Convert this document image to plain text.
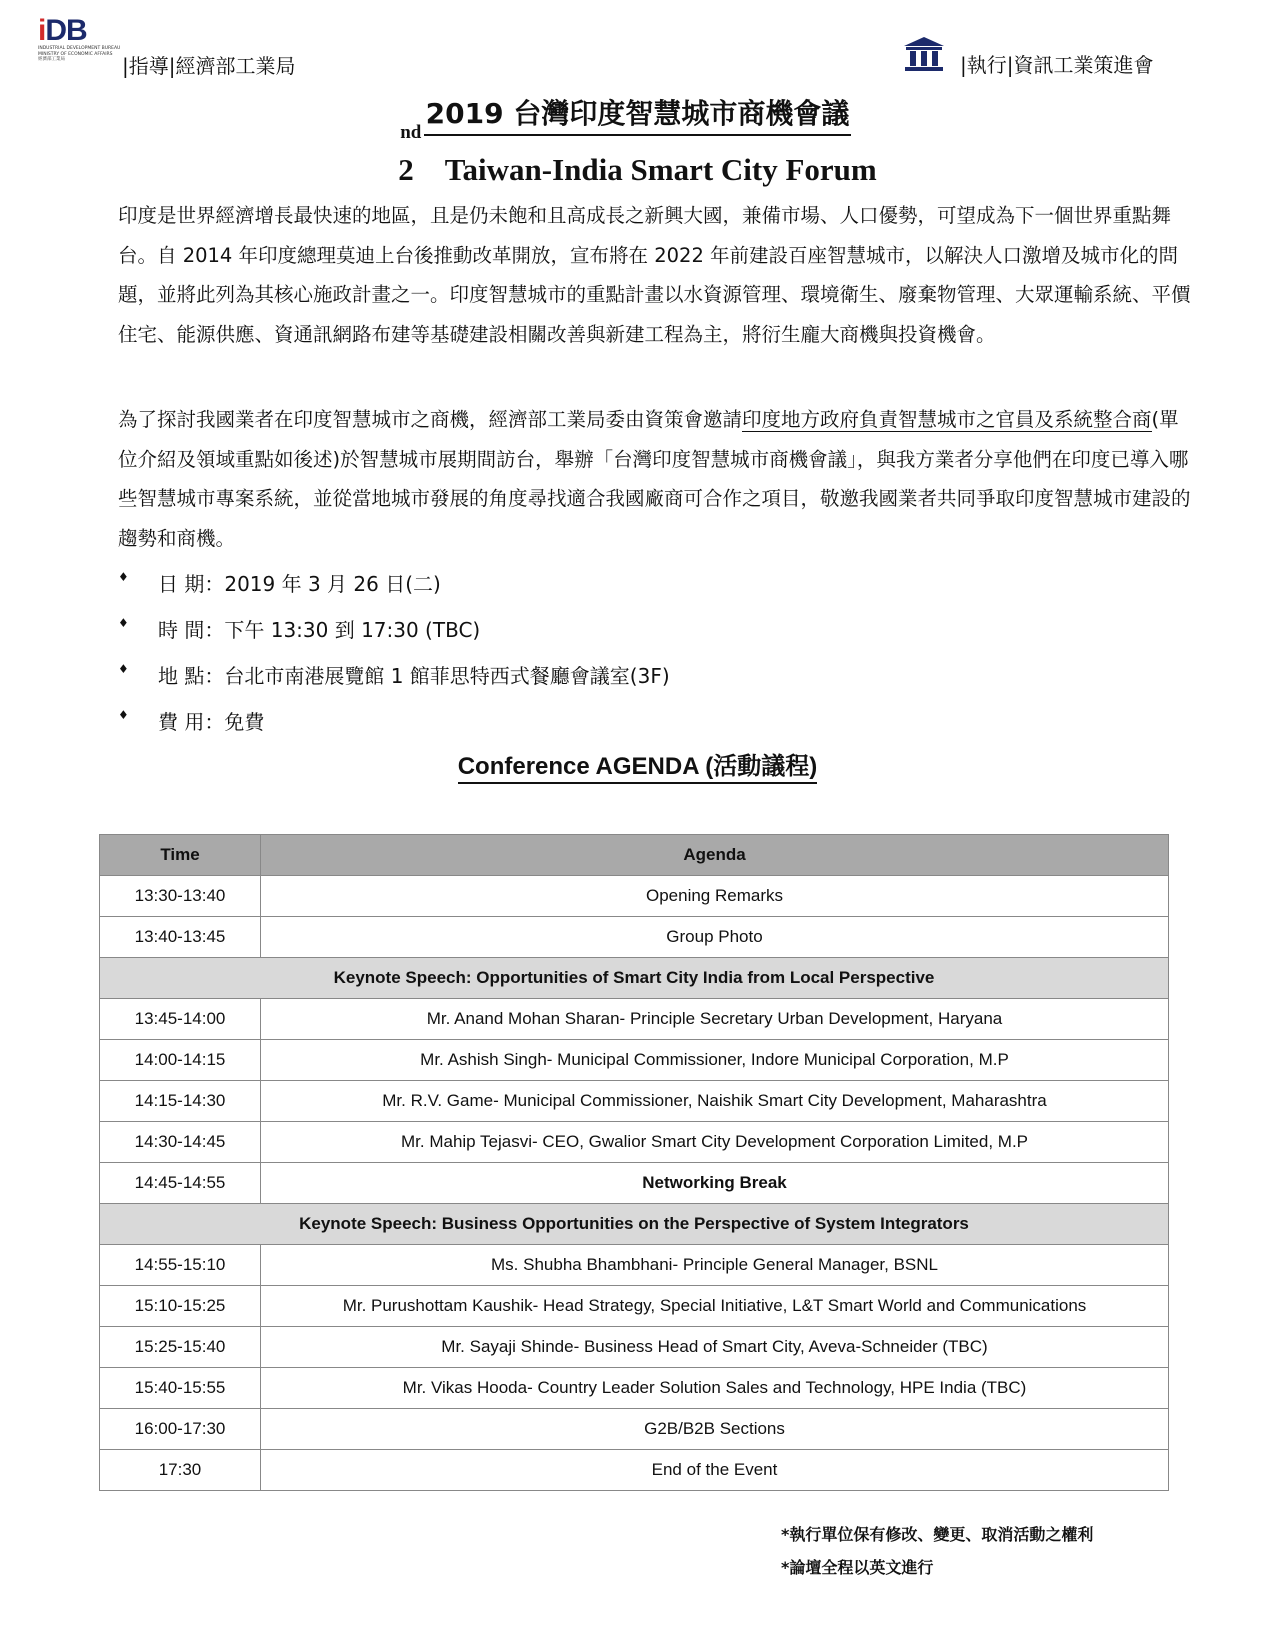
iDB
INDUSTRIAL DEVELOPMENT BUREAU
MINISTRY OF ECONOMIC AFFAIRS
經濟部工業局	|指導|經濟部工業局	|執行|資訊工業策進會
2019 台灣印度智慧城市商機會議
2
nd
Taiwan-India Smart City Forum
印度是世界經濟增長最快速的地區，且是仍未飽和且高成長之新興大國，兼備市場、人口優勢，可望成為下一個世界重點舞台。自 2014 年印度總理莫迪上台後推動改革開放，宣布將在 2022 年前建設百座智慧城市，以解決人口激增及城市化的問題，並將此列為其核心施政計畫之一。印度智慧城市的重點計畫以水資源管理、環境衛生、廢棄物管理、大眾運輸系統、平價住宅、能源供應、資通訊網路布建等基礎建設相關改善與新建工程為主，將衍生龐大商機與投資機會。
為了探討我國業者在印度智慧城市之商機，經濟部工業局委由資策會邀請印度地方政府負責智慧城市之官員及系統整合商(單位介紹及領域重點如後述)於智慧城市展期間訪台，舉辦「台灣印度智慧城市商機會議」，與我方業者分享他們在印度已導入哪些智慧城市專案系統，並從當地城市發展的角度尋找適合我國廠商可合作之項目，敬邀我國業者共同爭取印度智慧城市建設的趨勢和商機。
♦ 日 期：2019 年 3 月 26 日(二)
♦ 時 間：下午 13:30 到 17:30 (TBC)
♦ 地 點：台北市南港展覽館 1 館菲思特西式餐廳會議室(3F)
♦ 費 用：免費
Conference AGENDA (活動議程)
Time	Agenda
13:30-13:40	Opening Remarks
13:40-13:45	Group Photo
Keynote Speech: Opportunities of Smart City India from Local Perspective	
13:45-14:00	Mr. Anand Mohan Sharan- Principle Secretary Urban Development, Haryana
14:00-14:15	Mr. Ashish Singh- Municipal Commissioner, Indore Municipal Corporation, M.P
14:15-14:30	Mr. R.V. Game- Municipal Commissioner, Naishik Smart City Development, Maharashtra
14:30-14:45	Mr. Mahip Tejasvi- CEO, Gwalior Smart City Development Corporation Limited, M.P
14:45-14:55	Networking Break
Keynote Speech: Business Opportunities on the Perspective of System Integrators	
14:55-15:10	Ms. Shubha Bhambhani- Principle General Manager, BSNL
15:10-15:25	Mr. Purushottam Kaushik- Head Strategy, Special Initiative, L&T Smart World and Communications
15:25-15:40	Mr. Sayaji Shinde- Business Head of Smart City, Aveva-Schneider (TBC)
15:40-15:55	Mr. Vikas Hooda- Country Leader Solution Sales and Technology, HPE India (TBC)
16:00-17:30	G2B/B2B Sections
17:30	End of the Event
*執行單位保有修改、變更、取消活動之權利
*論壇全程以英文進行
